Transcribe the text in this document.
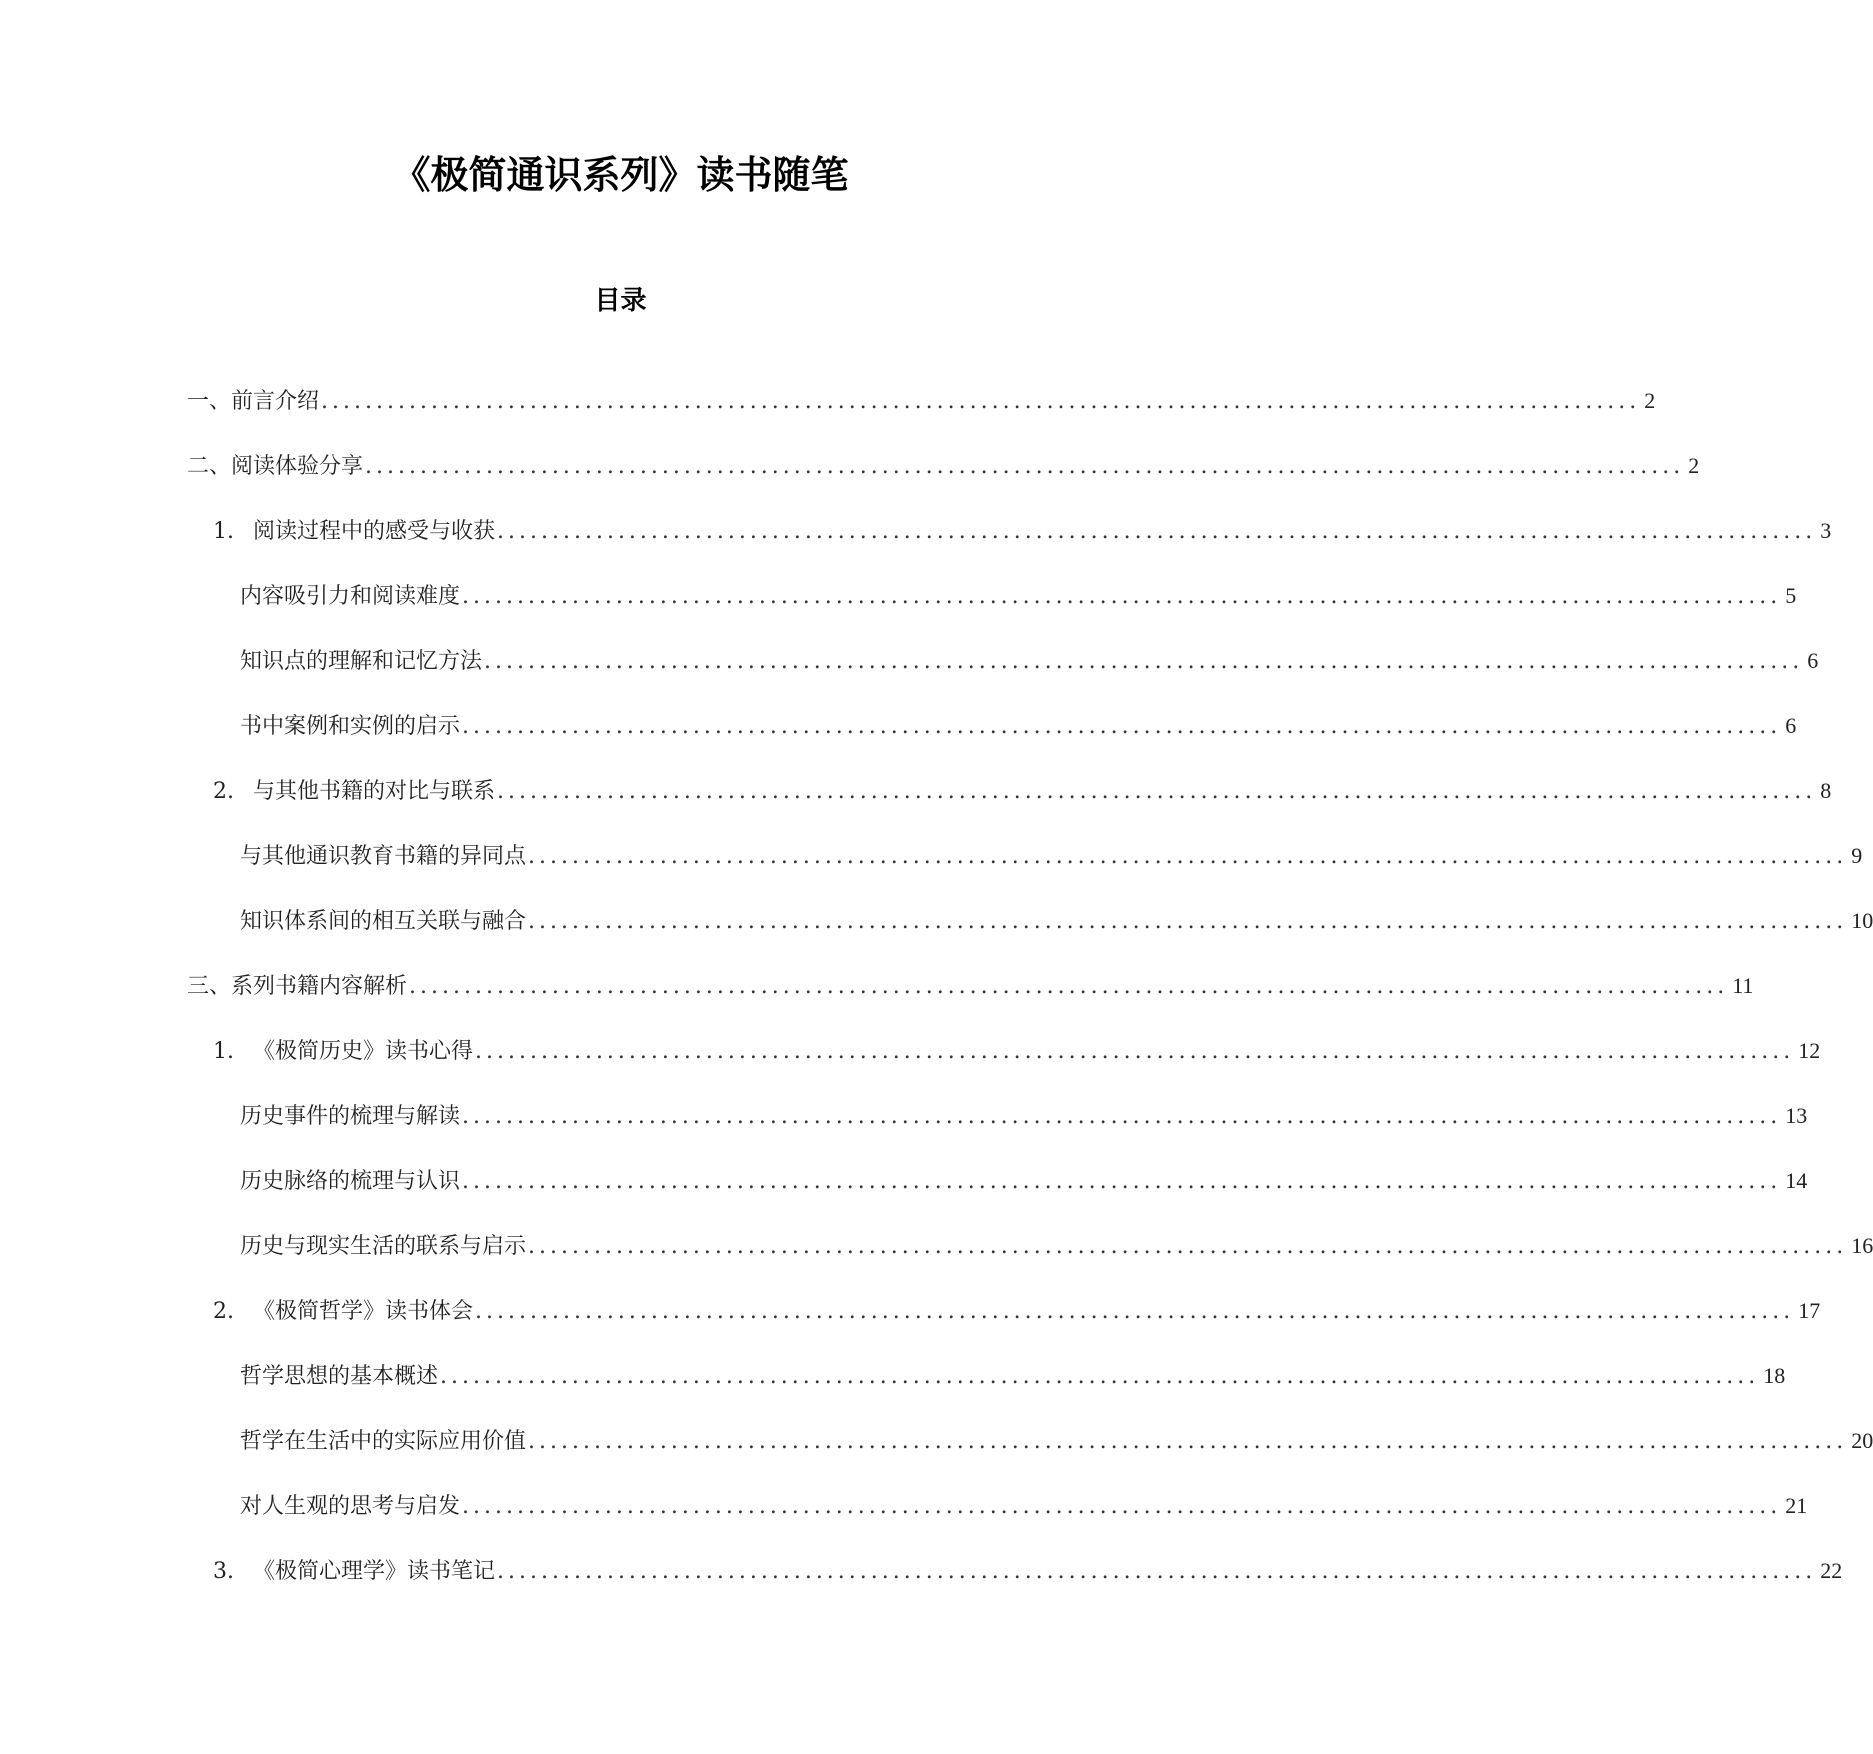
《极简通识系列》读书随笔
目录
一、前言介绍 ........................................................................................................................ 2
二、阅读体验分享 ........................................................................................................................ 2
1. 阅读过程中的感受与收获 ........................................................................................................................ 3
内容吸引力和阅读难度 ........................................................................................................................ 5
知识点的理解和记忆方法 ........................................................................................................................ 6
书中案例和实例的启示 ........................................................................................................................ 6
2. 与其他书籍的对比与联系 ........................................................................................................................ 8
与其他通识教育书籍的异同点 ........................................................................................................................ 9
知识体系间的相互关联与融合 ........................................................................................................................ 10
三、系列书籍内容解析 ........................................................................................................................ 11
1. 《极简历史》读书心得 ........................................................................................................................ 12
历史事件的梳理与解读 ........................................................................................................................ 13
历史脉络的梳理与认识 ........................................................................................................................ 14
历史与现实生活的联系与启示 ........................................................................................................................ 16
2. 《极简哲学》读书体会 ........................................................................................................................ 17
哲学思想的基本概述 ........................................................................................................................ 18
哲学在生活中的实际应用价值 ........................................................................................................................ 20
对人生观的思考与启发 ........................................................................................................................ 21
3. 《极简心理学》读书笔记 ........................................................................................................................ 22
